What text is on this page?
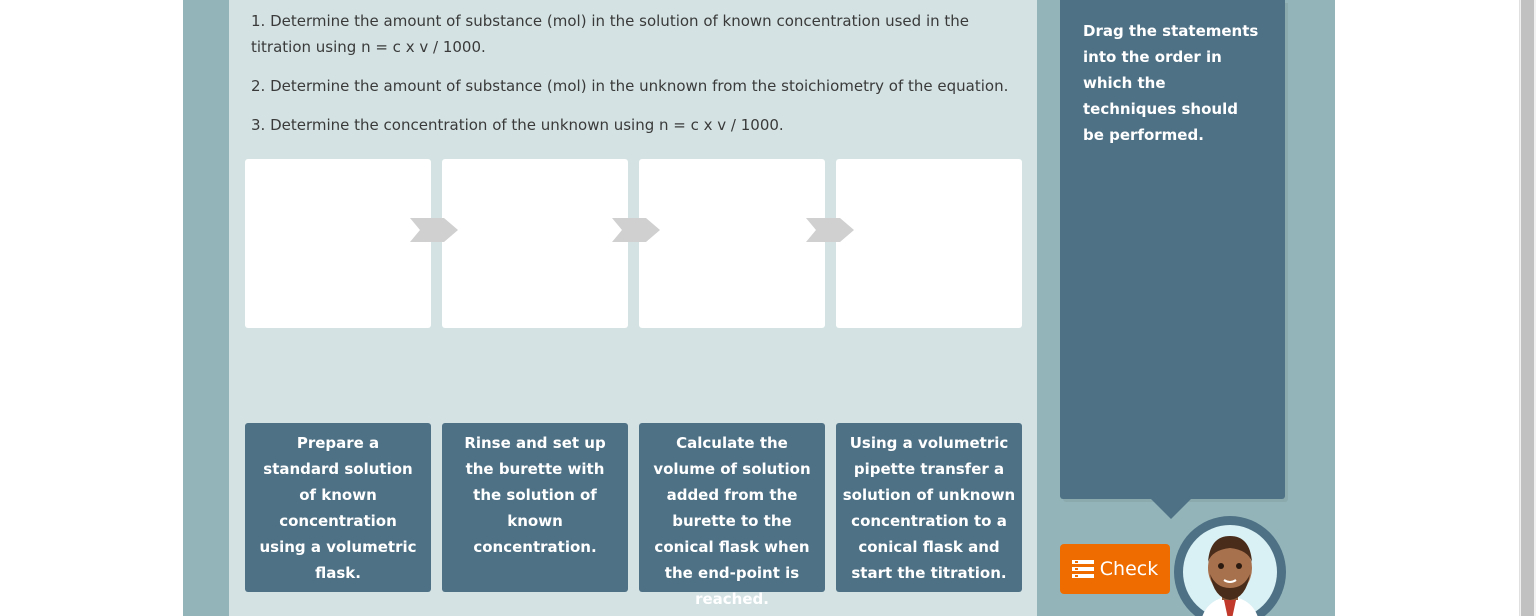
1. Determine the amount of substance (mol) in the solution of known concentration used in the titration using n = c x v / 1000.

2. Determine the amount of substance (mol) in the unknown from the stoichiometry of the equation.

3. Determine the concentration of the unknown using n = c x v / 1000.

Prepare a standard solution of known concentration using a volumetric flask.
Rinse and set up the burette with the solution of known concentration.
Calculate the volume of solution added from the burette to the conical flask when the end-point is reached.
Using a volumetric pipette transfer a solution of unknown concentration to a conical flask and start the titration.
Drag the statements into the order in which the techniques should be performed.
Check
